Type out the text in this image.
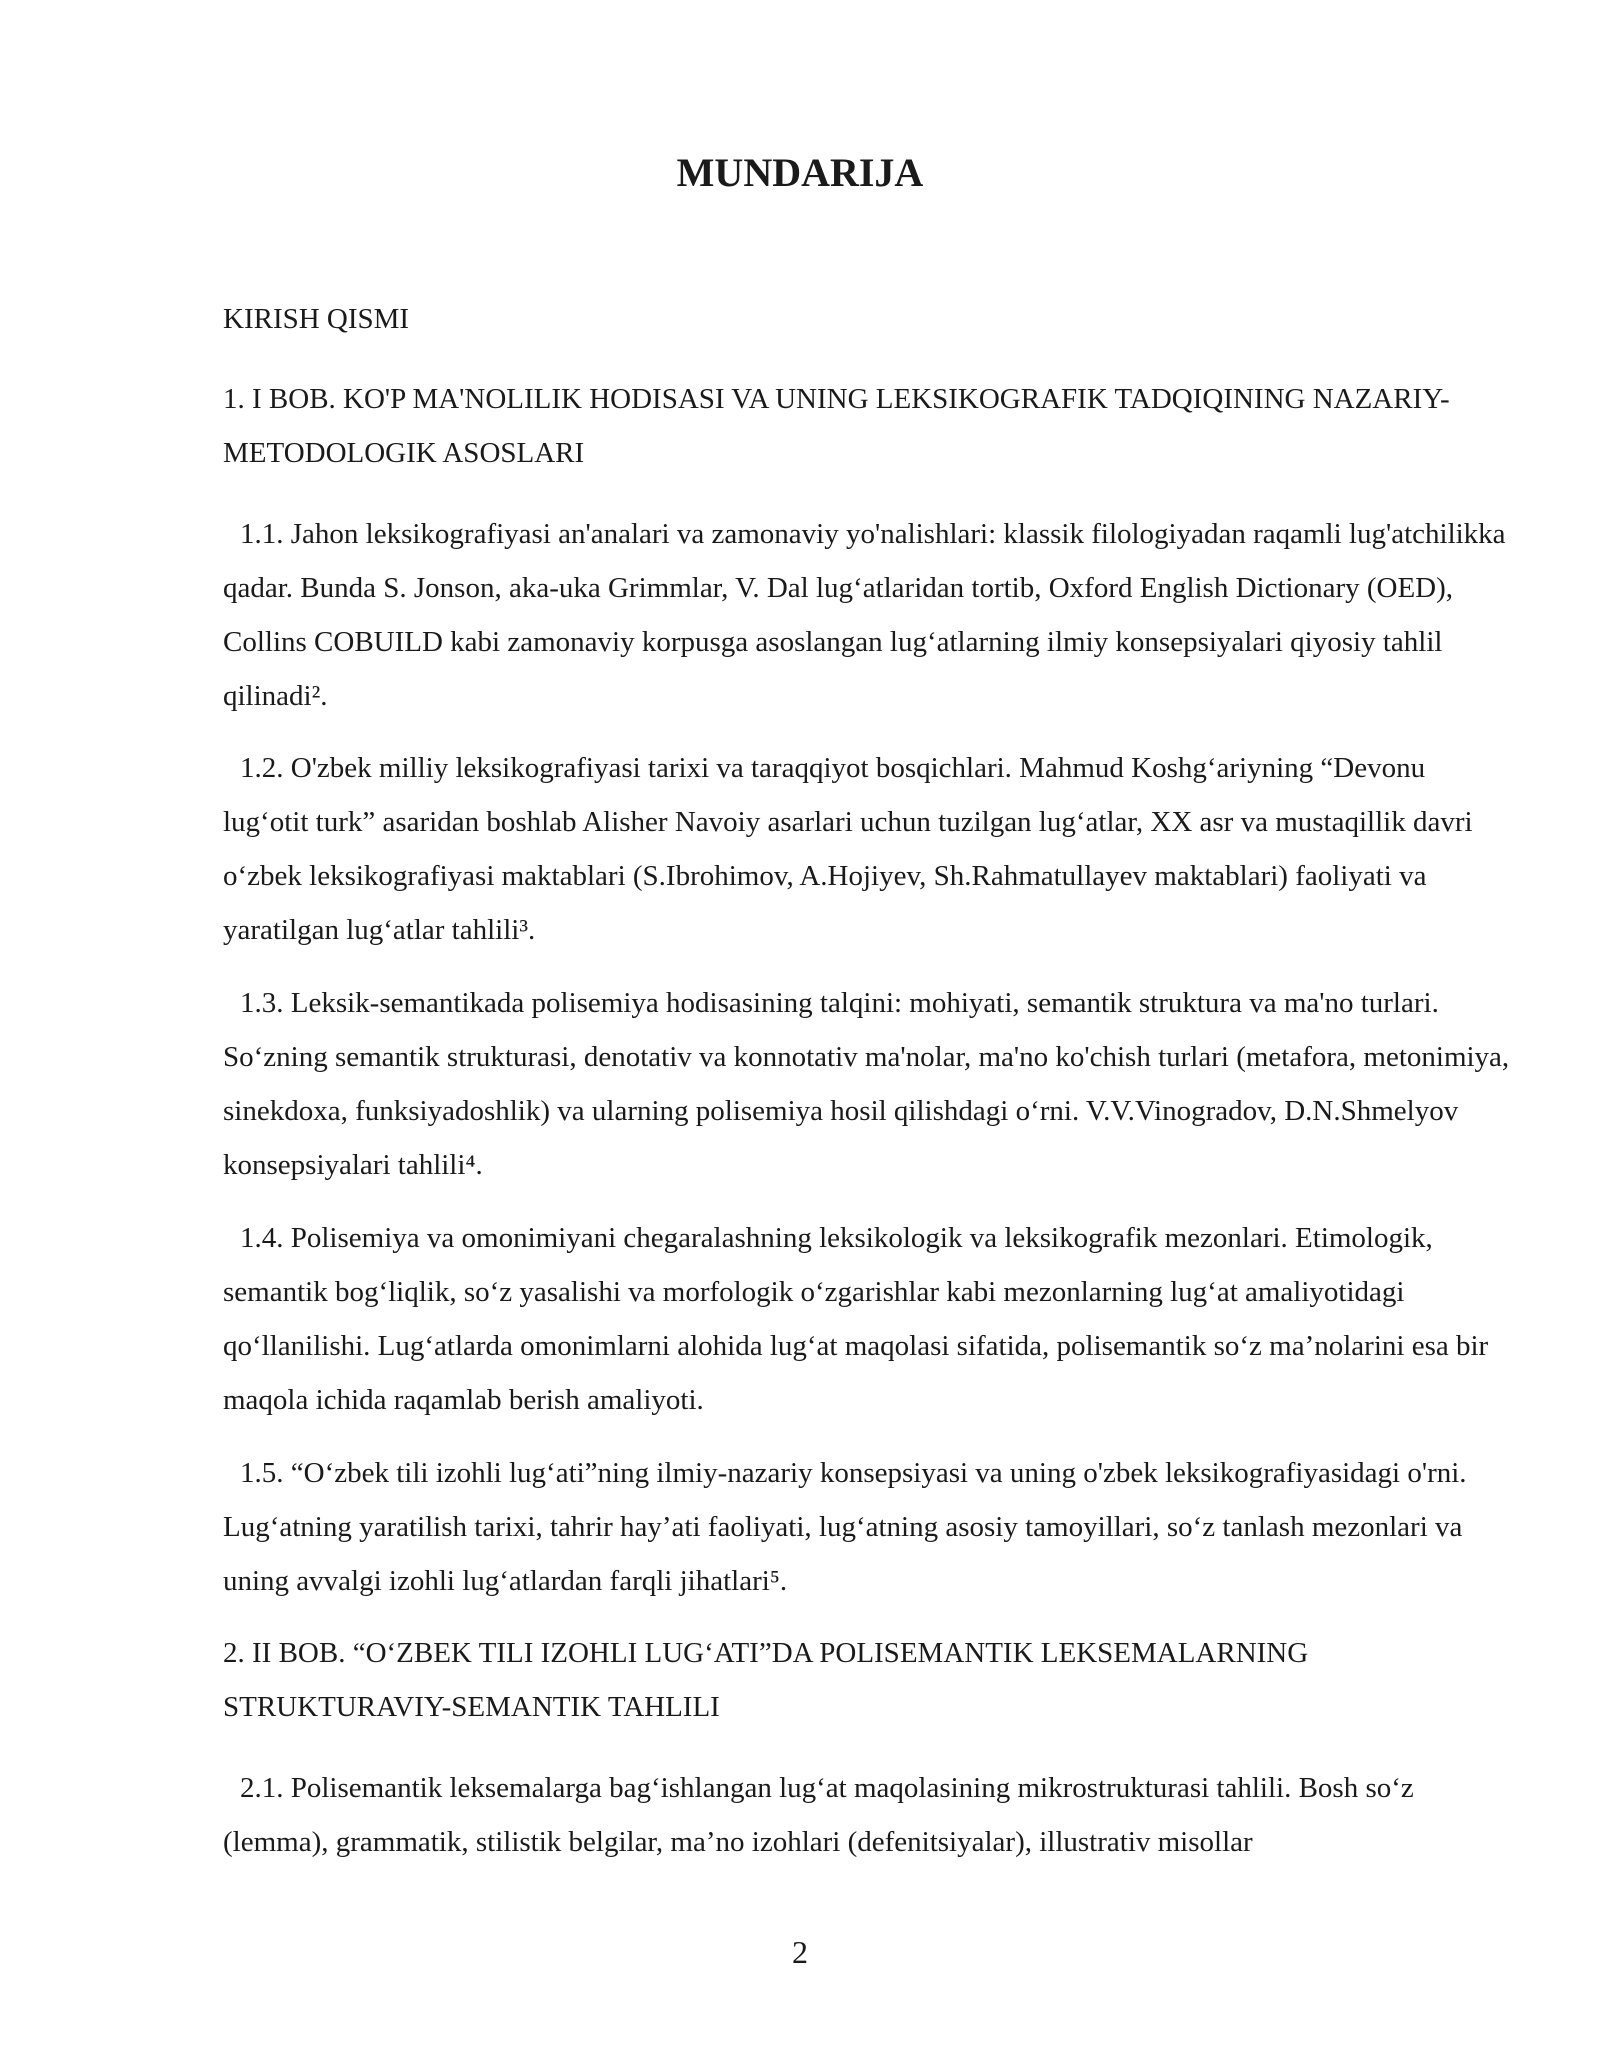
MUNDARIJA

KIRISH QISMI

1. I BOB. KO'P MA'NOLILIK HODISASI VA UNING LEKSIKOGRAFIK TADQIQINING NAZARIY-METODOLOGIK ASOSLARI

1.1. Jahon leksikografiyasi an'analari va zamonaviy yo'nalishlari: klassik filologiyadan raqamli lug'atchilikka qadar. Bunda S. Jonson, aka-uka Grimmlar, V. Dal lug‘atlaridan tortib, Oxford English Dictionary (OED), Collins COBUILD kabi zamonaviy korpusga asoslangan lug‘atlarning ilmiy konsepsiyalari qiyosiy tahlil qilinadi².

1.2. O'zbek milliy leksikografiyasi tarixi va taraqqiyot bosqichlari. Mahmud Koshg‘ariyning “Devonu lug‘otit turk” asaridan boshlab Alisher Navoiy asarlari uchun tuzilgan lug‘atlar, XX asr va mustaqillik davri o‘zbek leksikografiyasi maktablari (S.Ibrohimov, A.Hojiyev, Sh.Rahmatullayev maktablari) faoliyati va yaratilgan lug‘atlar tahlili³.

1.3. Leksik-semantikada polisemiya hodisasining talqini: mohiyati, semantik struktura va ma'no turlari. So‘zning semantik strukturasi, denotativ va konnotativ ma'nolar, ma'no ko'chish turlari (metafora, metonimiya, sinekdoxa, funksiyadoshlik) va ularning polisemiya hosil qilishdagi o‘rni. V.V.Vinogradov, D.N.Shmelyov konsepsiyalari tahlili⁴.

1.4. Polisemiya va omonimiyani chegaralashning leksikologik va leksikografik mezonlari. Etimologik, semantik bog‘liqlik, so‘z yasalishi va morfologik o‘zgarishlar kabi mezonlarning lug‘at amaliyotidagi qo‘llanilishi. Lug‘atlarda omonimlarni alohida lug‘at maqolasi sifatida, polisemantik so‘z ma’nolarini esa bir maqola ichida raqamlab berish amaliyoti.

1.5. “O‘zbek tili izohli lug‘ati”ning ilmiy-nazariy konsepsiyasi va uning o'zbek leksikografiyasidagi o'rni. Lug‘atning yaratilish tarixi, tahrir hay’ati faoliyati, lug‘atning asosiy tamoyillari, so‘z tanlash mezonlari va uning avvalgi izohli lug‘atlardan farqli jihatlari⁵.

2. II BOB. “O‘ZBEK TILI IZOHLI LUG‘ATI”DA POLISEMANTIK LEKSEMALARNING STRUKTURAVIY-SEMANTIK TAHLILI

2.1. Polisemantik leksemalarga bag‘ishlangan lug‘at maqolasining mikrostrukturasi tahlili. Bosh so‘z (lemma), grammatik, stilistik belgilar, ma’no izohlari (defenitsiyalar), illustrativ misollar

2
